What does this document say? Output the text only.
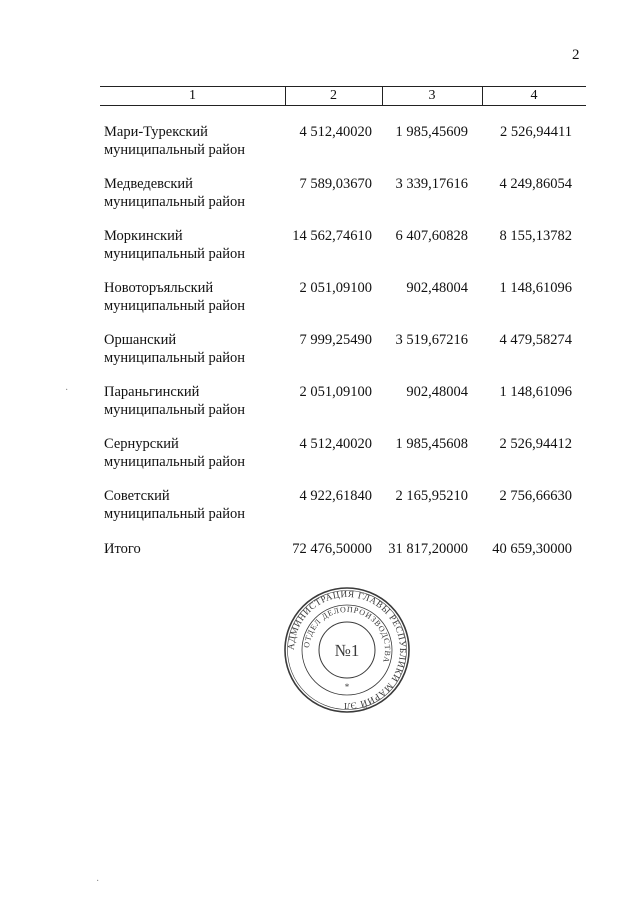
2
1	2	3	4
Мари-Турекский
муниципальный район
4 512,40020	1 985,45609	2 526,94411
Медведевский
муниципальный район
7 589,03670	3 339,17616	4 249,86054
Моркинский
муниципальный район
14 562,74610	6 407,60828	8 155,13782
Новоторъяльский
муниципальный район
2 051,09100	902,48004	1 148,61096
Оршанский
муниципальный район
7 999,25490	3 519,67216	4 479,58274
Параньгинский
муниципальный район
2 051,09100	902,48004	1 148,61096
Сернурский
муниципальный район
4 512,40020	1 985,45608	2 526,94412
Советский
муниципальный район
4 922,61840	2 165,95210	2 756,66630
Итого	72 476,50000	31 817,20000	40 659,30000
АДМИНИСТРАЦИЯ ГЛАВЫ РЕСПУБЛИКИ МАРИЙ ЭЛ
ОТДЕЛ ДЕЛОПРОИЗВОДСТВА
№1
*
·
·
